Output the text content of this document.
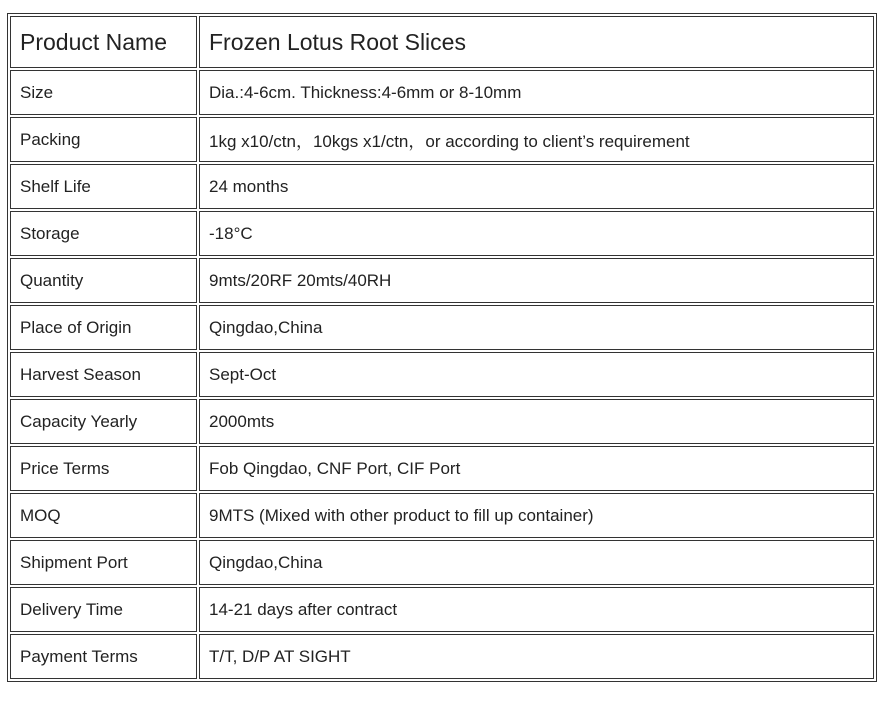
Product Name	Frozen Lotus Root Slices
Size	Dia.:4-6cm. Thickness:4-6mm or 8-10mm
Packing	1kg x10/ctn，10kgs x1/ctn，or according to client’s requirement
Shelf Life	24 months
Storage	-18°C
Quantity	9mts/20RF 20mts/40RH
Place of Origin	Qingdao,China
Harvest Season	Sept-Oct
Capacity Yearly	2000mts
Price Terms	Fob Qingdao, CNF Port, CIF Port
MOQ	9MTS (Mixed with other product to fill up container)
Shipment Port	Qingdao,China
Delivery Time	14-21 days after contract
Payment Terms	T/T, D/P AT SIGHT
